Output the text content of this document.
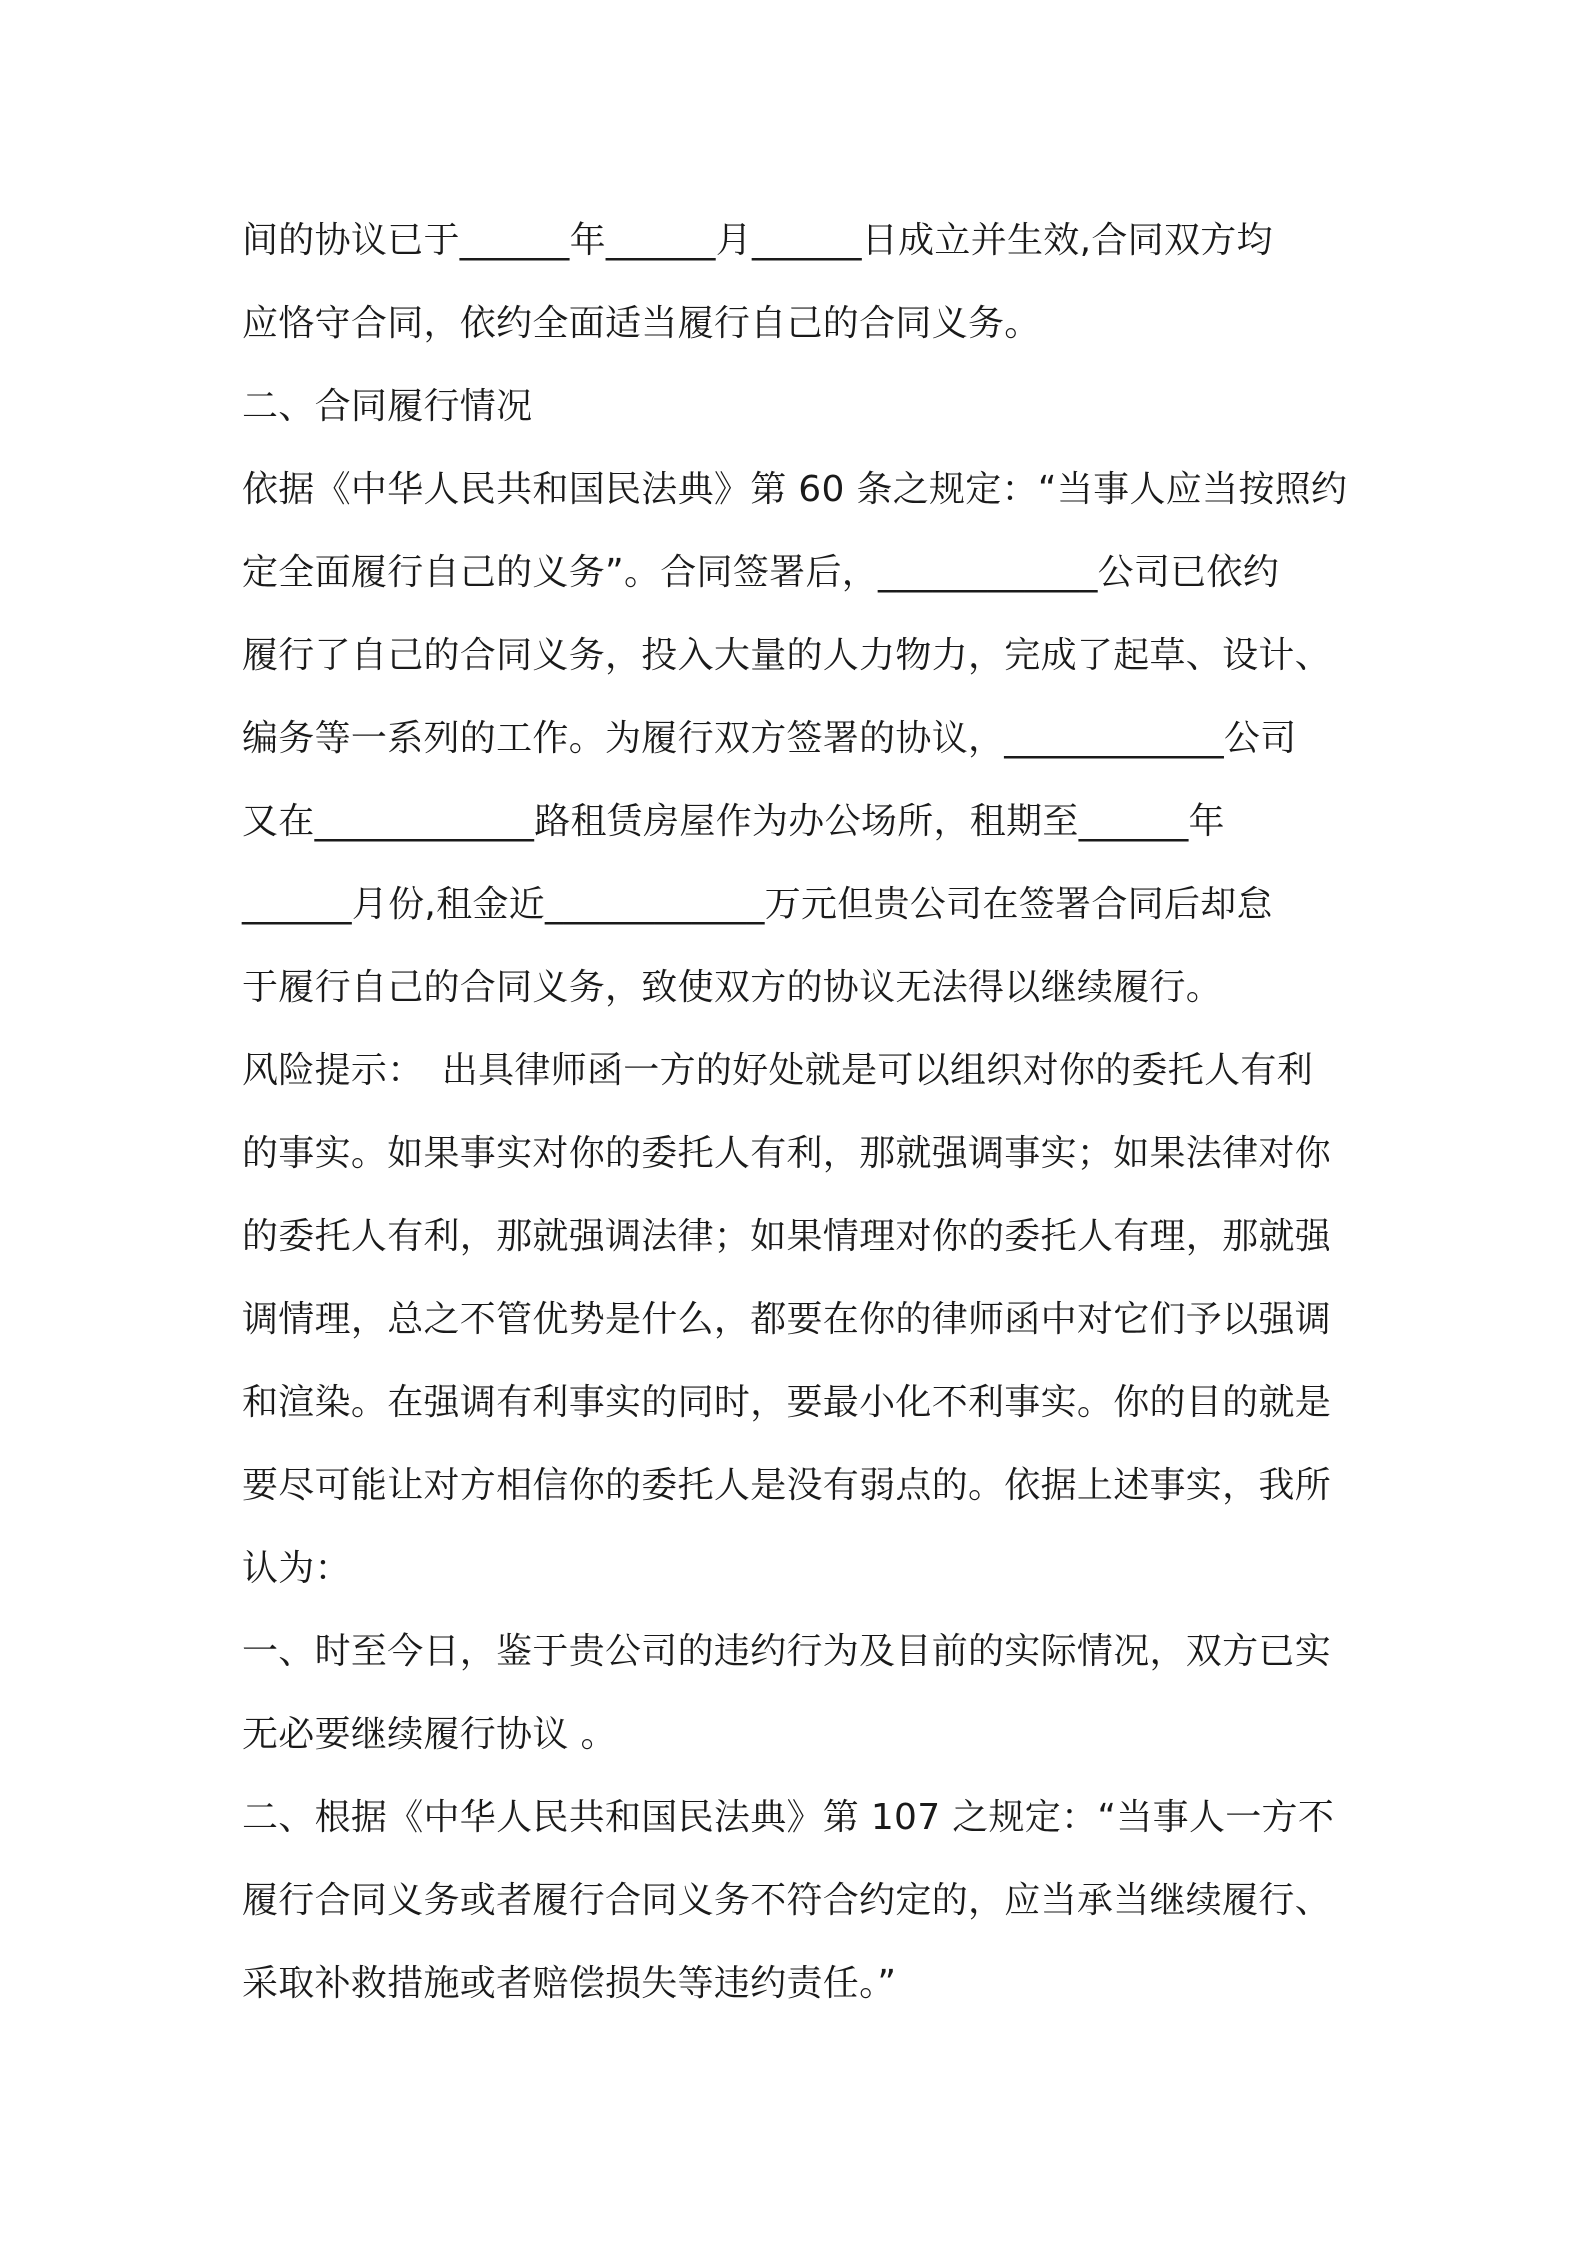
间的协议已于______年______月______日成立并生效,合同双方均
应恪守合同，依约全面适当履行自己的合同义务。
二、合同履行情况
依据《中华人民共和国民法典》第 60 条之规定：“当事人应当按照约
定全面履行自己的义务”。合同签署后，____________公司已依约
履行了自己的合同义务，投入大量的人力物力，完成了起草、设计、
编务等一系列的工作。为履行双方签署的协议，____________公司
又在____________路租赁房屋作为办公场所，租期至______年
______月份,租金近____________万元但贵公司在签署合同后却怠
于履行自己的合同义务，致使双方的协议无法得以继续履行。
风险提示：　出具律师函一方的好处就是可以组织对你的委托人有利
的事实。如果事实对你的委托人有利，那就强调事实；如果法律对你
的委托人有利，那就强调法律；如果情理对你的委托人有理，那就强
调情理，总之不管优势是什么，都要在你的律师函中对它们予以强调
和渲染。在强调有利事实的同时，要最小化不利事实。你的目的就是
要尽可能让对方相信你的委托人是没有弱点的。依据上述事实，我所
认为：
一、时至今日，鉴于贵公司的违约行为及目前的实际情况，双方已实
无必要继续履行协议 。
二、根据《中华人民共和国民法典》第 107 之规定：“当事人一方不
履行合同义务或者履行合同义务不符合约定的，应当承当继续履行、
采取补救措施或者赔偿损失等违约责任。”
